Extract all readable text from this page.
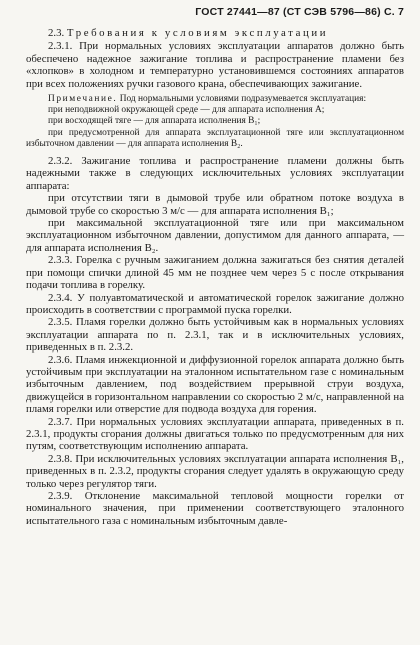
ГОСТ 27441—87 (СТ СЭВ 5796—86) С. 7

2.3. Требования к условиям эксплуатации

2.3.1. При нормальных условиях эксплуатации аппаратов должно быть обеспечено надежное зажигание топлива и распространение пламени без «хлопков» в холодном и температурно установившемся состояниях аппаратов при всех положениях ручки газового крана, обеспечивающих зажигание.

Примечание. Под нормальными условиями подразумевается эксплуатация:

при неподвижной окружающей среде — для аппарата исполнения А;

при восходящей тяге — для аппарата исполнения В₁;

при предусмотренной для аппарата эксплуатационной тяге или эксплуатационном избыточном давлении — для аппарата исполнения В₂.

2.3.2. Зажигание топлива и распространение пламени должны быть надежными также в следующих исключительных условиях эксплуатации аппарата:

при отсутствии тяги в дымовой трубе или обратном потоке воздуха в дымовой трубе со скоростью 3 м/с — для аппарата исполнения В₁;

при максимальной эксплуатационной тяге или при максимальном эксплуатационном избыточном давлении, допустимом для данного аппарата, — для аппарата исполнения В₂.

2.3.3. Горелка с ручным зажиганием должна зажигаться без снятия деталей при помощи спички длиной 45 мм не позднее чем через 5 с после открывания подачи топлива в горелку.

2.3.4. У полуавтоматической и автоматической горелок зажигание должно происходить в соответствии с программой пуска горелки.

2.3.5. Пламя горелки должно быть устойчивым как в нормальных условиях эксплуатации аппарата по п. 2.3.1, так и в исключительных условиях, приведенных в п. 2.3.2.

2.3.6. Пламя инжекционной и диффузионной горелок аппарата должно быть устойчивым при эксплуатации на эталонном испытательном газе с номинальным избыточным давлением, под воздействием прерывной струи воздуха, движущейся в горизонтальном направлении со скоростью 2 м/с, направленной на пламя горелки или отверстие для подвода воздуха для горения.

2.3.7. При нормальных условиях эксплуатации аппарата, приведенных в п. 2.3.1, продукты сгорания должны двигаться только по предусмотренным для них путям, соответствующим исполнению аппарата.

2.3.8. При исключительных условиях эксплуатации аппарата исполнения В₁, приведенных в п. 2.3.2, продукты сгорания следует удалять в окружающую среду только через регулятор тяги.

2.3.9. Отклонение максимальной тепловой мощности горелки от номинального значения, при применении соответствующего эталонного испытательного газа с номинальным избыточным давле-
